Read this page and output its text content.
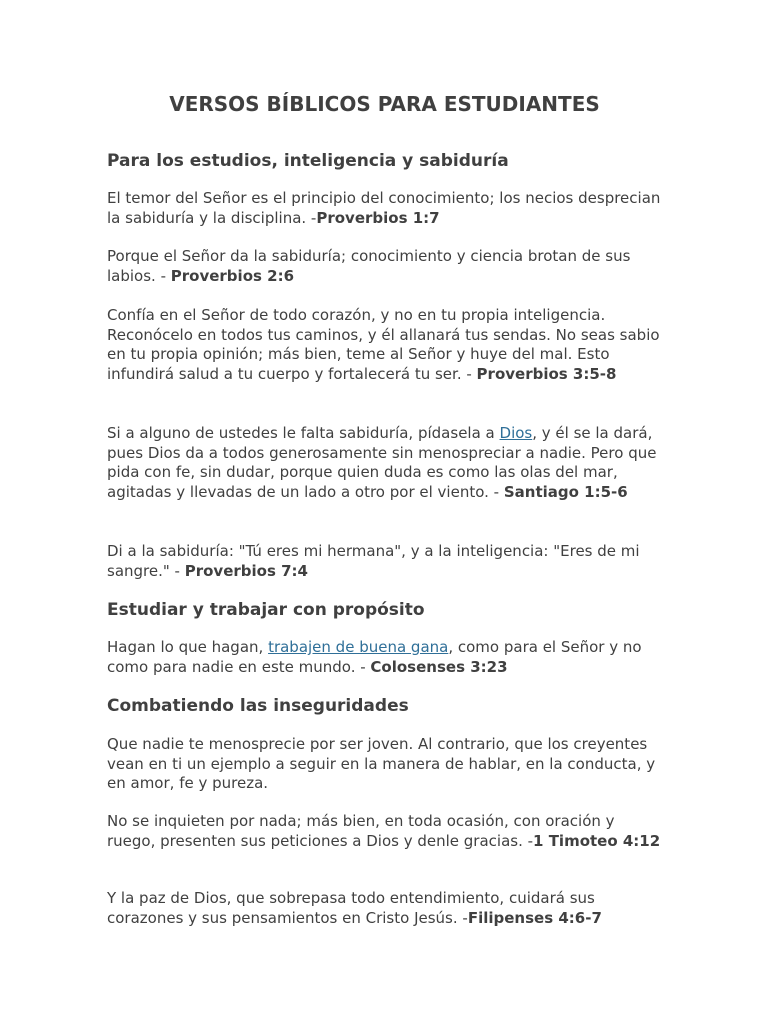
VERSOS BÍBLICOS PARA ESTUDIANTES
Para los estudios, inteligencia y sabiduría

El temor del Señor es el principio del conocimiento; los necios desprecian la sabiduría y la disciplina. -Proverbios 1:7

Porque el Señor da la sabiduría; conocimiento y ciencia brotan de sus labios. - Proverbios 2:6

Confía en el Señor de todo corazón, y no en tu propia inteligencia. Reconócelo en todos tus caminos, y él allanará tus sendas. No seas sabio en tu propia opinión; más bien, teme al Señor y huye del mal. Esto infundirá salud a tu cuerpo y fortalecerá tu ser. - Proverbios 3:5-8

Si a alguno de ustedes le falta sabiduría, pídasela a Dios, y él se la dará, pues Dios da a todos generosamente sin menospreciar a nadie. Pero que pida con fe, sin dudar, porque quien duda es como las olas del mar, agitadas y llevadas de un lado a otro por el viento. - Santiago 1:5-6

Di a la sabiduría: "Tú eres mi hermana", y a la inteligencia: "Eres de mi sangre." - Proverbios 7:4

Estudiar y trabajar con propósito

Hagan lo que hagan, trabajen de buena gana, como para el Señor y no como para nadie en este mundo. - Colosenses 3:23

Combatiendo las inseguridades

Que nadie te menosprecie por ser joven. Al contrario, que los creyentes vean en ti un ejemplo a seguir en la manera de hablar, en la conducta, y en amor, fe y pureza.

No se inquieten por nada; más bien, en toda ocasión, con oración y ruego, presenten sus peticiones a Dios y denle gracias. -1 Timoteo 4:12

Y la paz de Dios, que sobrepasa todo entendimiento, cuidará sus corazones y sus pensamientos en Cristo Jesús. -Filipenses 4:6-7
